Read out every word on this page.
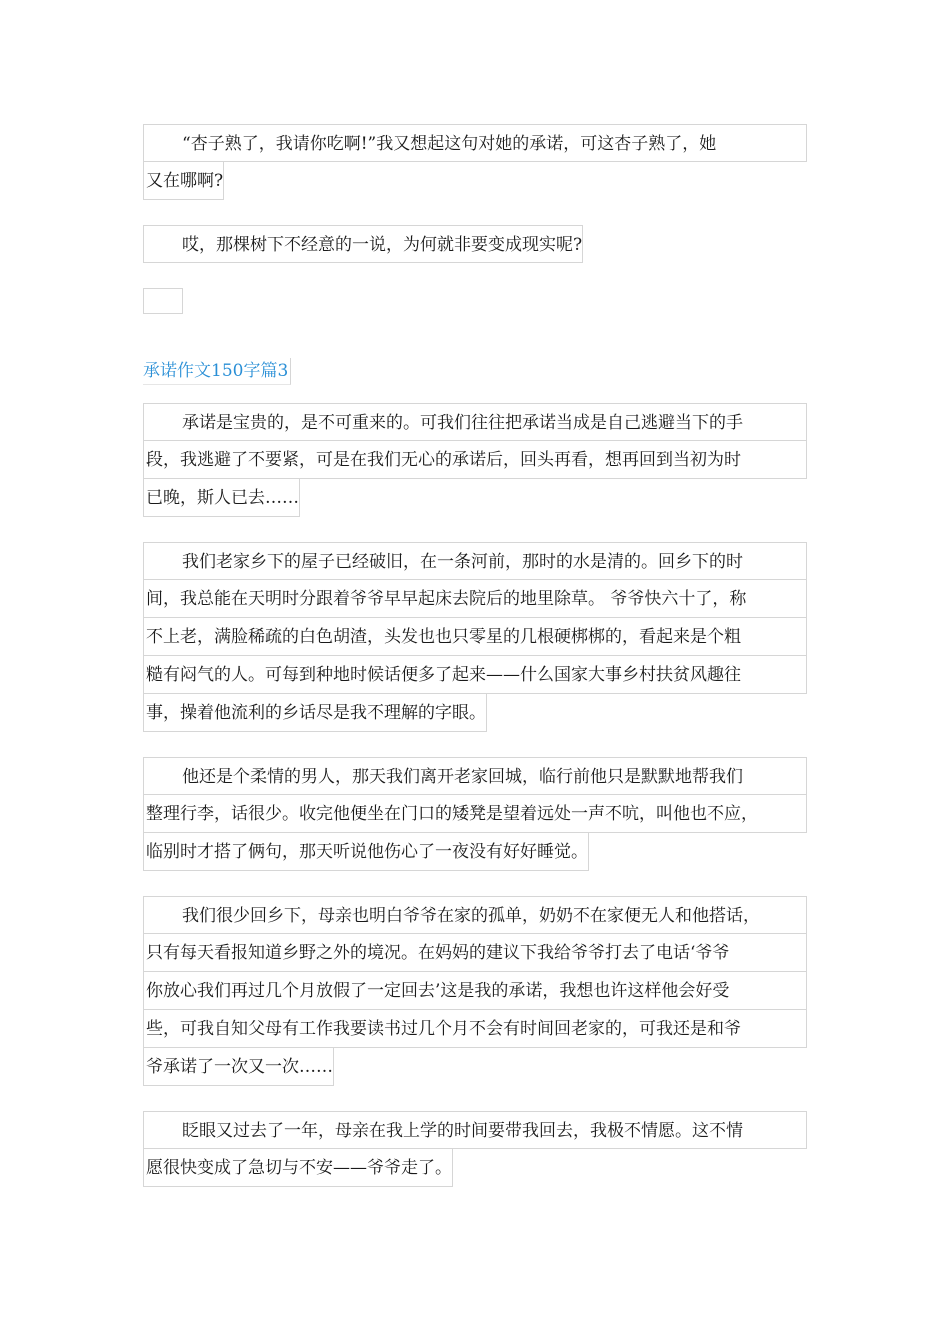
“杏子熟了，我请你吃啊!”我又想起这句对她的承诺，可这杏子熟了，她
又在哪啊?
哎，那棵树下不经意的一说，为何就非要变成现实呢?
承诺作文150字篇3
承诺是宝贵的，是不可重来的。可我们往往把承诺当成是自己逃避当下的手
段，我逃避了不要紧，可是在我们无心的承诺后，回头再看，想再回到当初为时
已晚，斯人已去……
我们老家乡下的屋子已经破旧，在一条河前，那时的水是清的。回乡下的时
间，我总能在天明时分跟着爷爷早早起床去院后的地里除草。 爷爷快六十了，称
不上老，满脸稀疏的白色胡渣，头发也也只零星的几根硬梆梆的，看起来是个粗
糙有闷气的人。可每到种地时候话便多了起来——什么国家大事乡村扶贫风趣往
事，操着他流利的乡话尽是我不理解的字眼。
他还是个柔情的男人，那天我们离开老家回城，临行前他只是默默地帮我们
整理行李，话很少。收完他便坐在门口的矮凳是望着远处一声不吭，叫他也不应，
临别时才搭了俩句，那天听说他伤心了一夜没有好好睡觉。
我们很少回乡下，母亲也明白爷爷在家的孤单，奶奶不在家便无人和他搭话，
只有每天看报知道乡野之外的境况。在妈妈的建议下我给爷爷打去了电话‘爷爷
你放心我们再过几个月放假了一定回去’这是我的承诺，我想也许这样他会好受
些，可我自知父母有工作我要读书过几个月不会有时间回老家的，可我还是和爷
爷承诺了一次又一次……
眨眼又过去了一年，母亲在我上学的时间要带我回去，我极不情愿。这不情
愿很快变成了急切与不安——爷爷走了。
